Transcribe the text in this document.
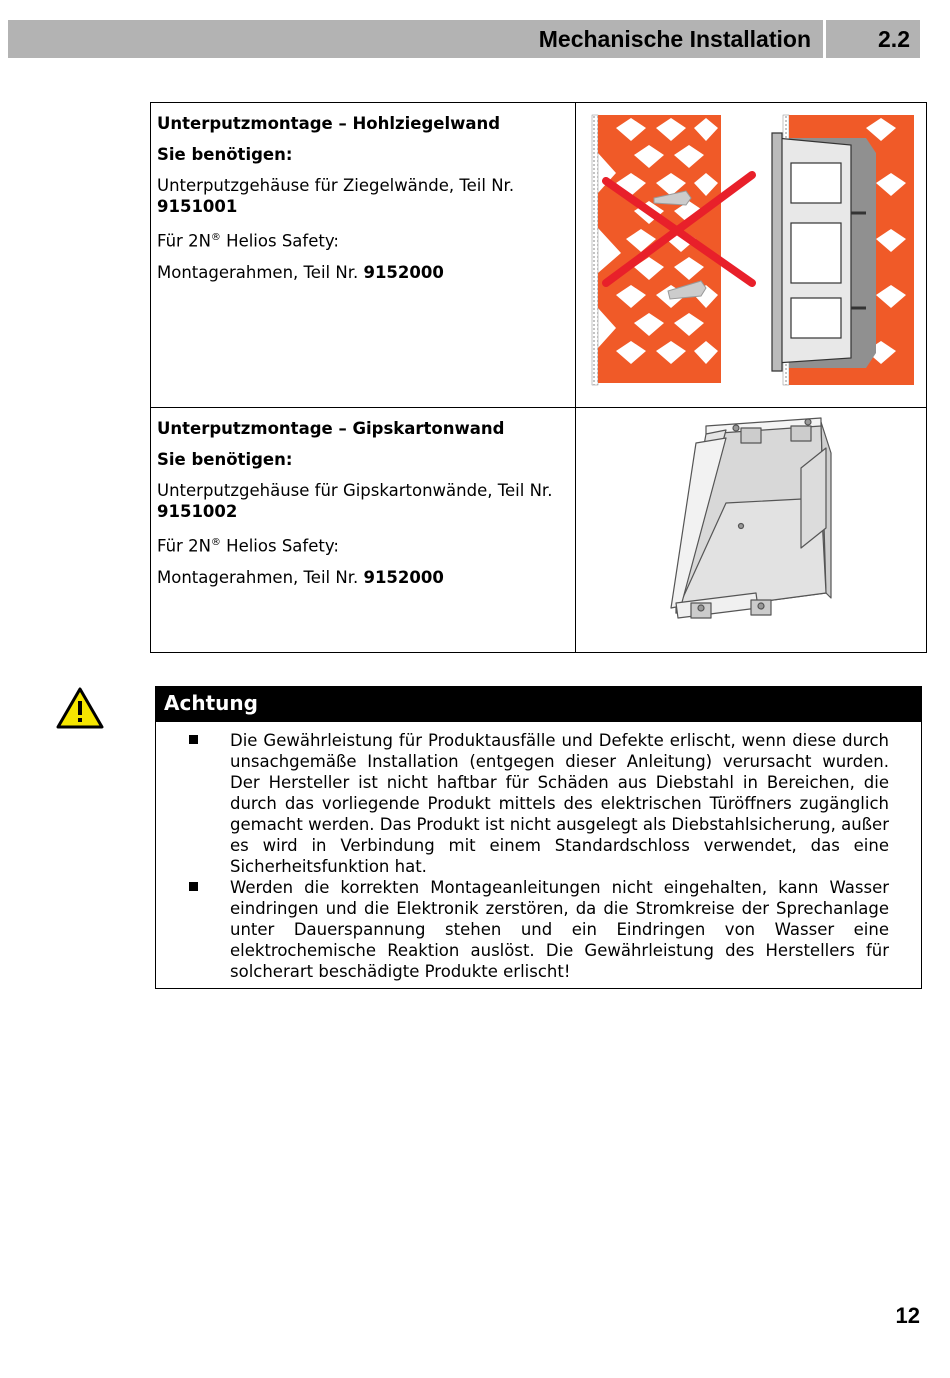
Mechanische Installation	2.2

Unterputzmontage – Hohlziegelwand

Sie benötigen:

Unterputzgehäuse für Ziegelwände, Teil Nr. 9151001

Für 2N® Helios Safety:

Montagerahmen, Teil Nr. 9152000

Unterputzmontage – Gipskartonwand

Sie benötigen:

Unterputzgehäuse für Gipskartonwände, Teil Nr. 9151002

Für 2N® Helios Safety:

Montagerahmen, Teil Nr. 9152000

Achtung
Die Gewährleistung für Produktausfälle und Defekte erlischt, wenn diese durch unsachgemäße Installation (entgegen dieser Anleitung) verursacht wurden. Der Hersteller ist nicht haftbar für Schäden aus Diebstahl in Bereichen, die durch das vorliegende Produkt mittels des elektrischen Türöffners zugänglich gemacht werden. Das Produkt ist nicht ausgelegt als Diebstahlsicherung, außer es wird in Verbindung mit einem Standardschloss verwendet, das eine Sicherheitsfunktion hat.
Werden die korrekten Montageanleitungen nicht eingehalten, kann Wasser eindringen und die Elektronik zerstören, da die Stromkreise der Sprechanlage unter Dauerspannung stehen und ein Eindringen von Wasser eine elektrochemische Reaktion auslöst. Die Gewährleistung des Herstellers für solcherart beschädigte Produkte erlischt!
12
